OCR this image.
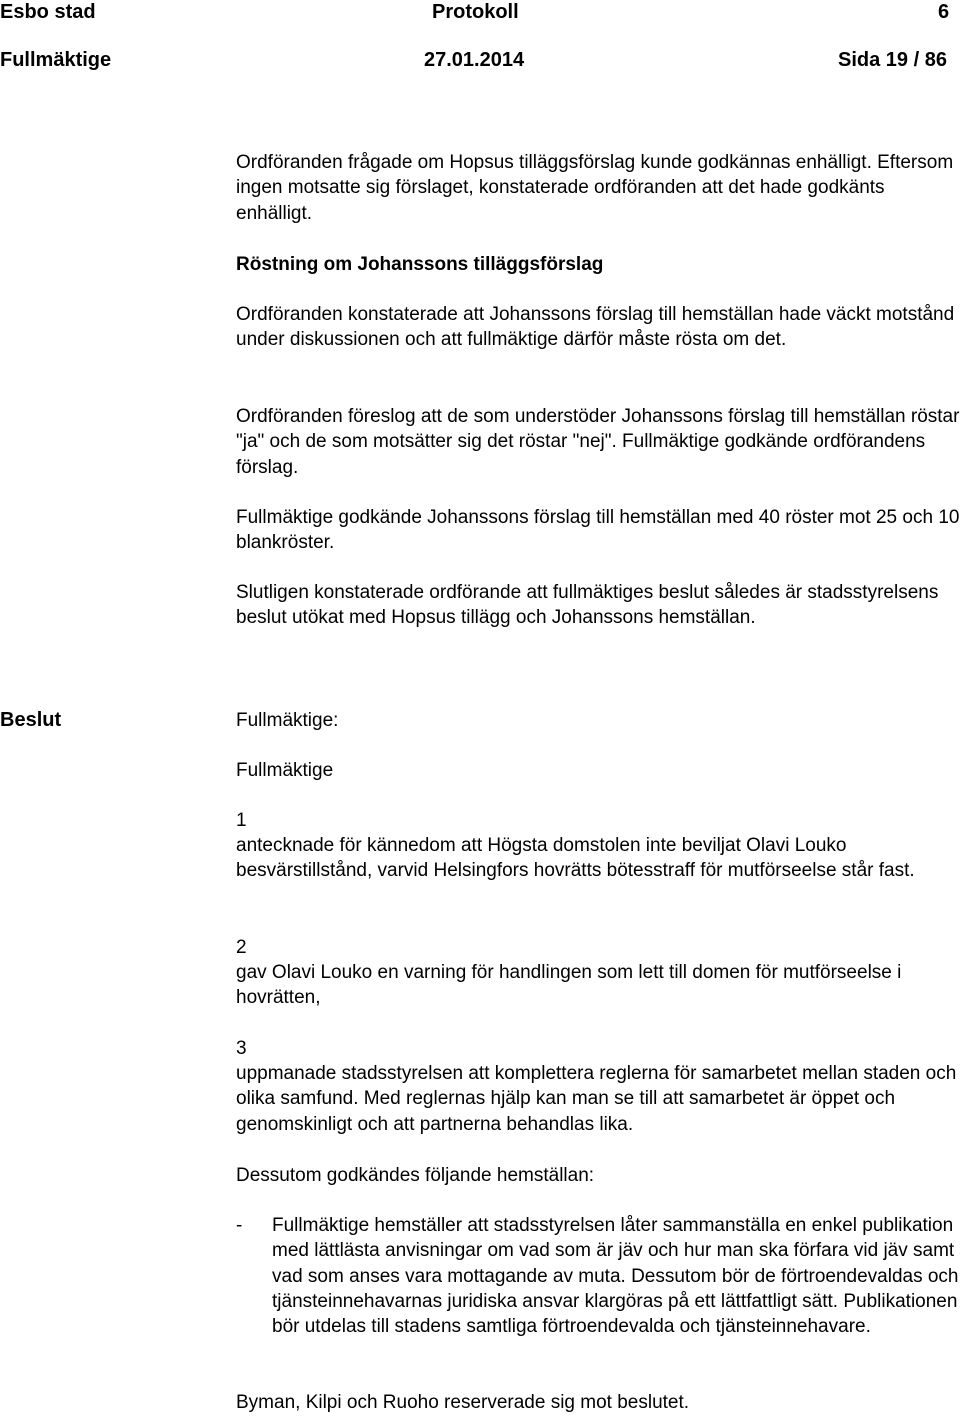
Esbo stad	Protokoll	6
Fullmäktige	27.01.2014	Sida 19 / 86

Ordföranden frågade om Hopsus tilläggsförslag kunde godkännas enhälligt. Eftersom ingen motsatte sig förslaget, konstaterade ordföranden att det hade godkänts enhälligt.

Röstning om Johanssons tilläggsförslag

Ordföranden konstaterade att Johanssons förslag till hemställan hade väckt motstånd under diskussionen och att fullmäktige därför måste rösta om det.

Ordföranden föreslog att de som understöder Johanssons förslag till hemställan röstar "ja" och de som motsätter sig det röstar "nej". Fullmäktige godkände ordförandens förslag.

Fullmäktige godkände Johanssons förslag till hemställan med 40 röster mot 25 och 10 blankröster.

Slutligen konstaterade ordförande att fullmäktiges beslut således är stadsstyrelsens beslut utökat med Hopsus tillägg och Johanssons hemställan.

Beslut	Fullmäktige:
Fullmäktige
1

antecknade för kännedom att Högsta domstolen inte beviljat Olavi Louko besvärstillstånd, varvid Helsingfors hovrätts bötesstraff för mutförseelse står fast.

2

gav Olavi Louko en varning för handlingen som lett till domen för mutförseelse i hovrätten,

3

uppmanade stadsstyrelsen att komplettera reglerna för samarbetet mellan staden och olika samfund. Med reglernas hjälp kan man se till att samarbetet är öppet och genomskinligt och att partnerna behandlas lika.

Dessutom godkändes följande hemställan:
- Fullmäktige hemställer att stadsstyrelsen låter sammanställa en enkel publikation med lättlästa anvisningar om vad som är jäv och hur man ska förfara vid jäv samt vad som anses vara mottagande av muta. Dessutom bör de förtroendevaldas och tjänsteinnehavarnas juridiska ansvar klargöras på ett lättfattligt sätt. Publikationen bör utdelas till stadens samtliga förtroendevalda och tjänsteinnehavare.
Byman, Kilpi och Ruoho reserverade sig mot beslutet.
